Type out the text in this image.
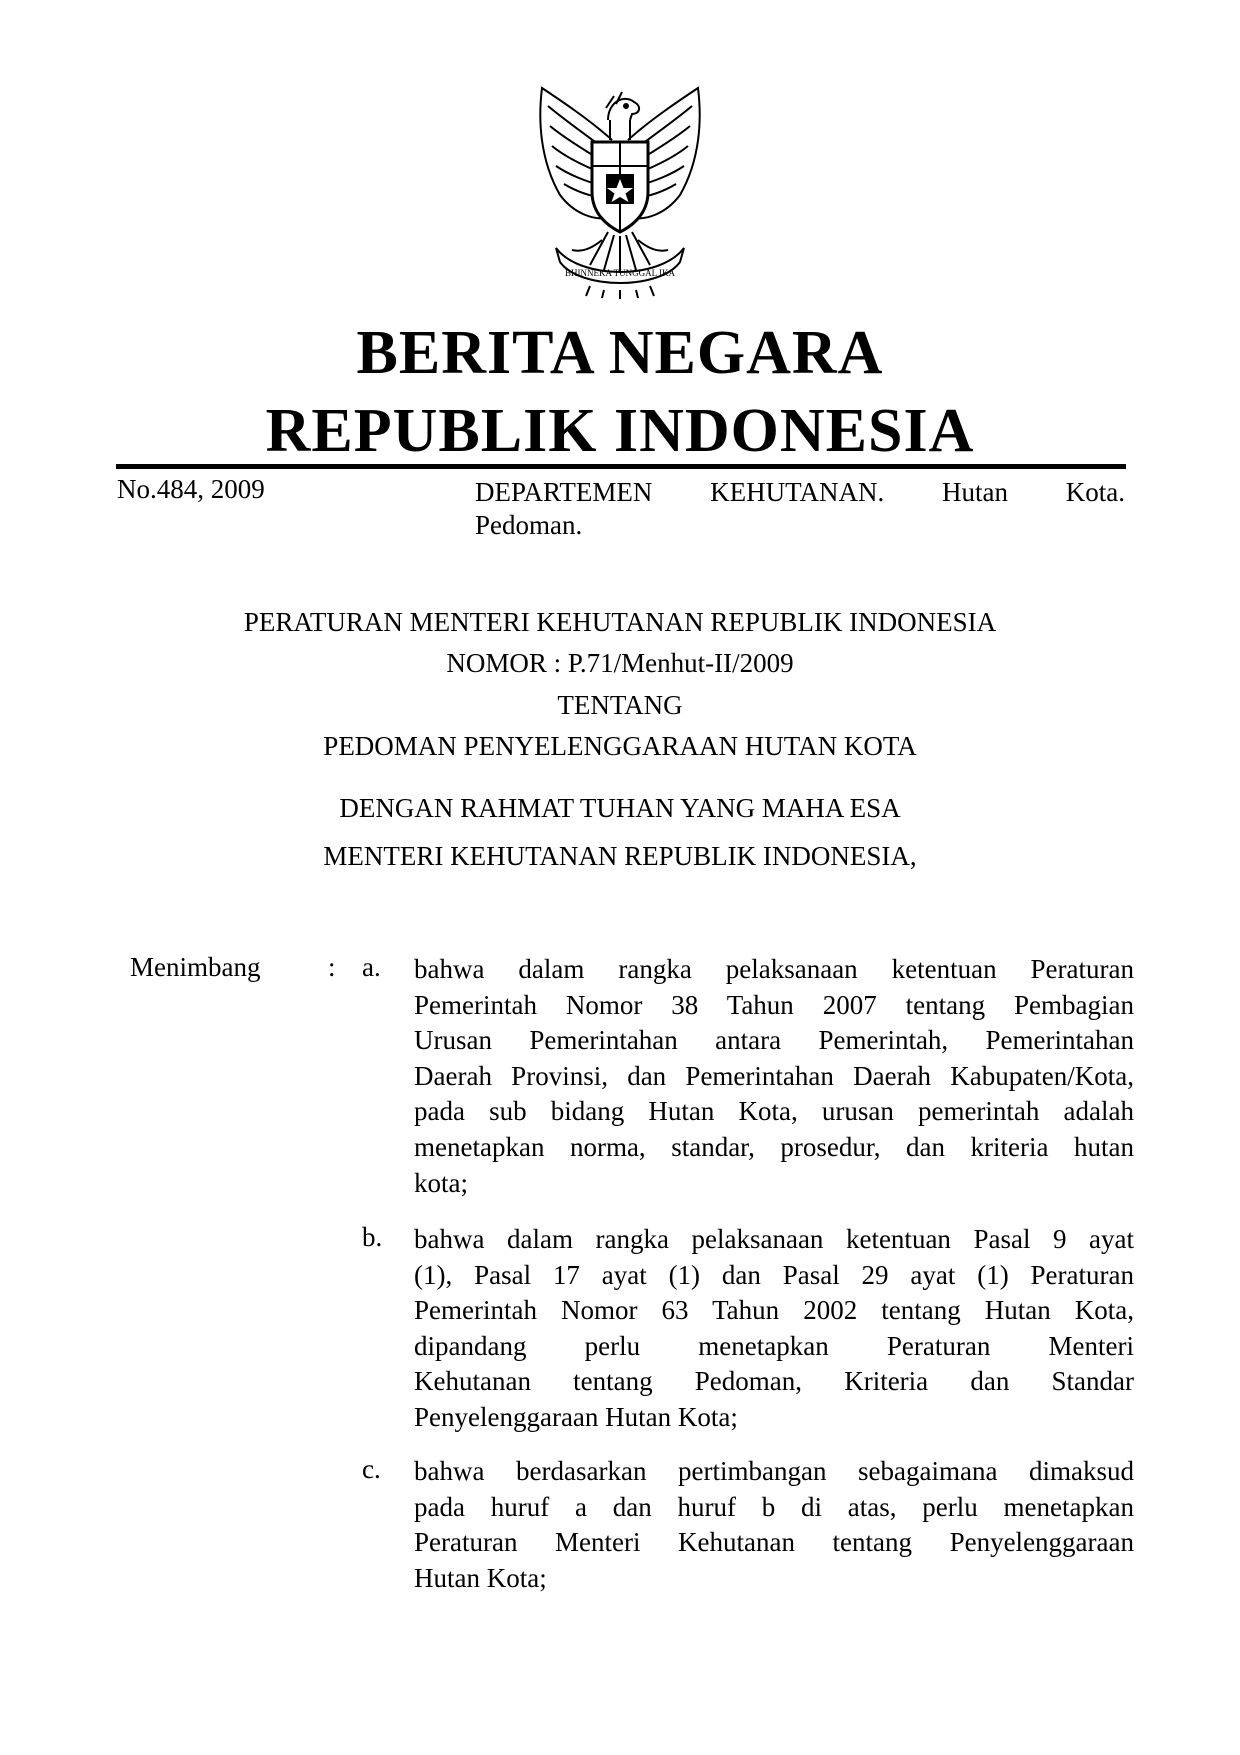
BHINNEKA TUNGGAL IKA
BERITA NEGARA
REPUBLIK INDONESIA
No.484, 2009	DEPARTEMEN KEHUTANAN. Hutan Kota.
Pedoman.
PERATURAN MENTERI KEHUTANAN REPUBLIK INDONESIA
NOMOR : P.71/Menhut-II/2009
TENTANG
PEDOMAN PENYELENGGARAAN HUTAN KOTA
DENGAN RAHMAT TUHAN YANG MAHA ESA
MENTERI KEHUTANAN REPUBLIK INDONESIA,
Menimbang	: a. bahwa dalam rangka pelaksanaan ketentuan Peraturan
Pemerintah Nomor 38 Tahun 2007 tentang Pembagian
Urusan Pemerintahan antara Pemerintah, Pemerintahan
Daerah Provinsi, dan Pemerintahan Daerah Kabupaten/Kota,
pada sub bidang Hutan Kota, urusan pemerintah adalah
menetapkan norma, standar, prosedur, dan kriteria hutan
kota;
b. bahwa dalam rangka pelaksanaan ketentuan Pasal 9 ayat
(1), Pasal 17 ayat (1) dan Pasal 29 ayat (1) Peraturan
Pemerintah Nomor 63 Tahun 2002 tentang Hutan Kota,
dipandang perlu menetapkan Peraturan Menteri
Kehutanan tentang Pedoman, Kriteria dan Standar
Penyelenggaraan Hutan Kota;
c. bahwa berdasarkan pertimbangan sebagaimana dimaksud
pada huruf a dan huruf b di atas, perlu menetapkan
Peraturan Menteri Kehutanan tentang Penyelenggaraan
Hutan Kota;
